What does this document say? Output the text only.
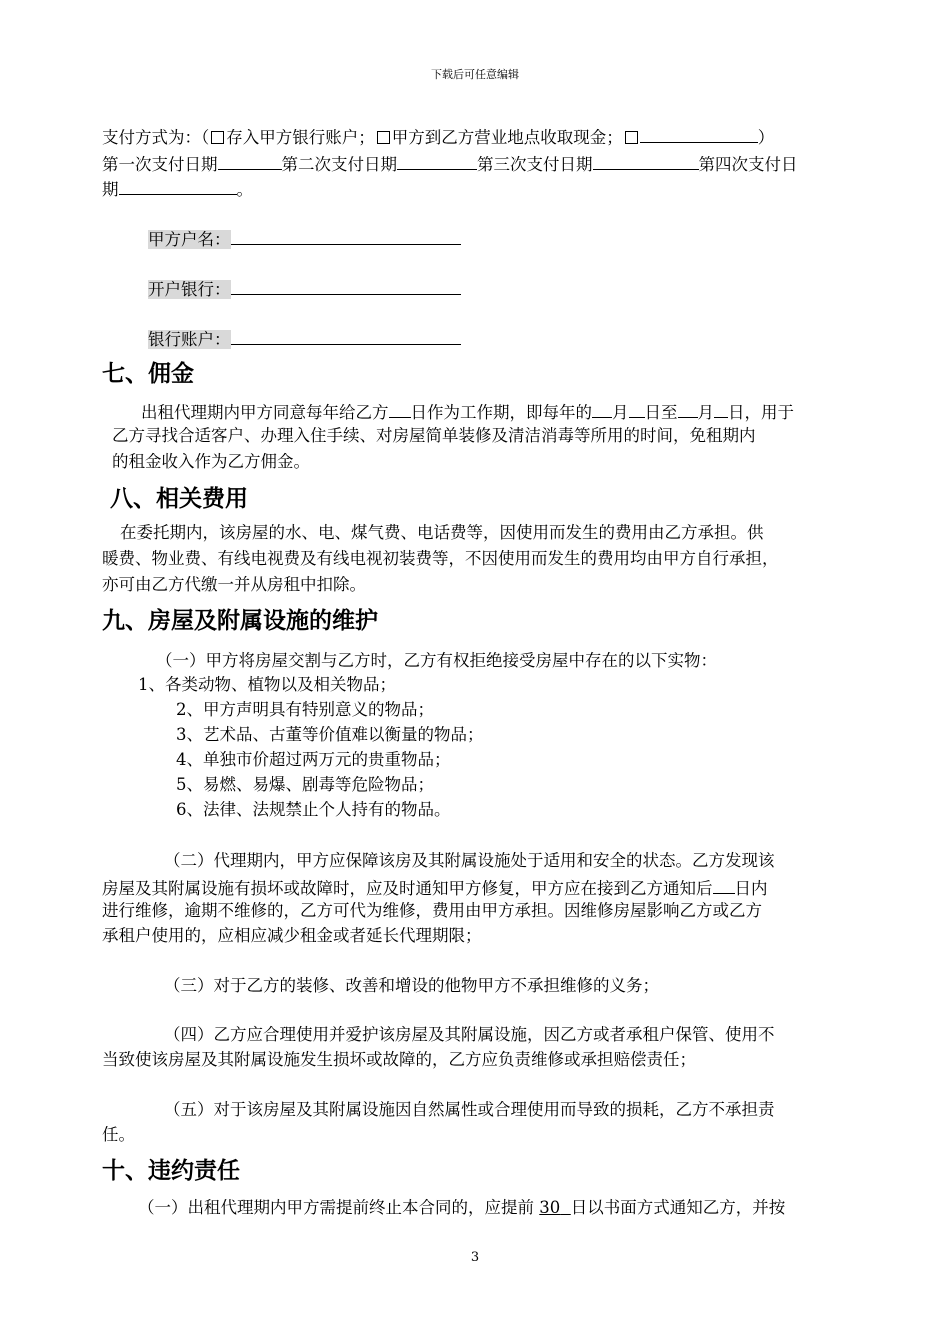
下载后可任意编辑
支付方式为：（ 存入甲方银行账户； 甲方到乙方营业地点收取现金；	）
第一次支付日期	第二次支付日期	第三次支付日期	第四次支付日
期	。
甲方户名：
开户银行：
银行账户：
七、佣金
出租代理期内甲方同意每年给乙方 日作为工作期，即每年的 月 日至 月 日，用于
乙方寻找合适客户、办理入住手续、对房屋简单装修及清洁消毒等所用的时间，免租期内
的租金收入作为乙方佣金。
八、相关费用
在委托期内，该房屋的水、电、煤气费、电话费等，因使用而发生的费用由乙方承担。供
暖费、物业费、有线电视费及有线电视初装费等，不因使用而发生的费用均由甲方自行承担，
亦可由乙方代缴一并从房租中扣除。
九、房屋及附属设施的维护
（一）甲方将房屋交割与乙方时，乙方有权拒绝接受房屋中存在的以下实物：
1、各类动物、植物以及相关物品；
2、甲方声明具有特别意义的物品；
3、艺术品、古董等价值难以衡量的物品；
4、单独市价超过两万元的贵重物品；
5、易燃、易爆、剧毒等危险物品；
6、法律、法规禁止个人持有的物品。
（二）代理期内，甲方应保障该房及其附属设施处于适用和安全的状态。乙方发现该
房屋及其附属设施有损坏或故障时，应及时通知甲方修复，甲方应在接到乙方通知后 日内
进行维修，逾期不维修的，乙方可代为维修，费用由甲方承担。因维修房屋影响乙方或乙方
承租户使用的，应相应减少租金或者延长代理期限；
（三）对于乙方的装修、改善和增设的他物甲方不承担维修的义务；
（四）乙方应合理使用并爱护该房屋及其附属设施，因乙方或者承租户保管、使用不
当致使该房屋及其附属设施发生损坏或故障的，乙方应负责维修或承担赔偿责任；
（五）对于该房屋及其附属设施因自然属性或合理使用而导致的损耗，乙方不承担责
任。
十、违约责任
（一）出租代理期内甲方需提前终止本合同的，应提前 30 日以书面方式通知乙方，并按
3
